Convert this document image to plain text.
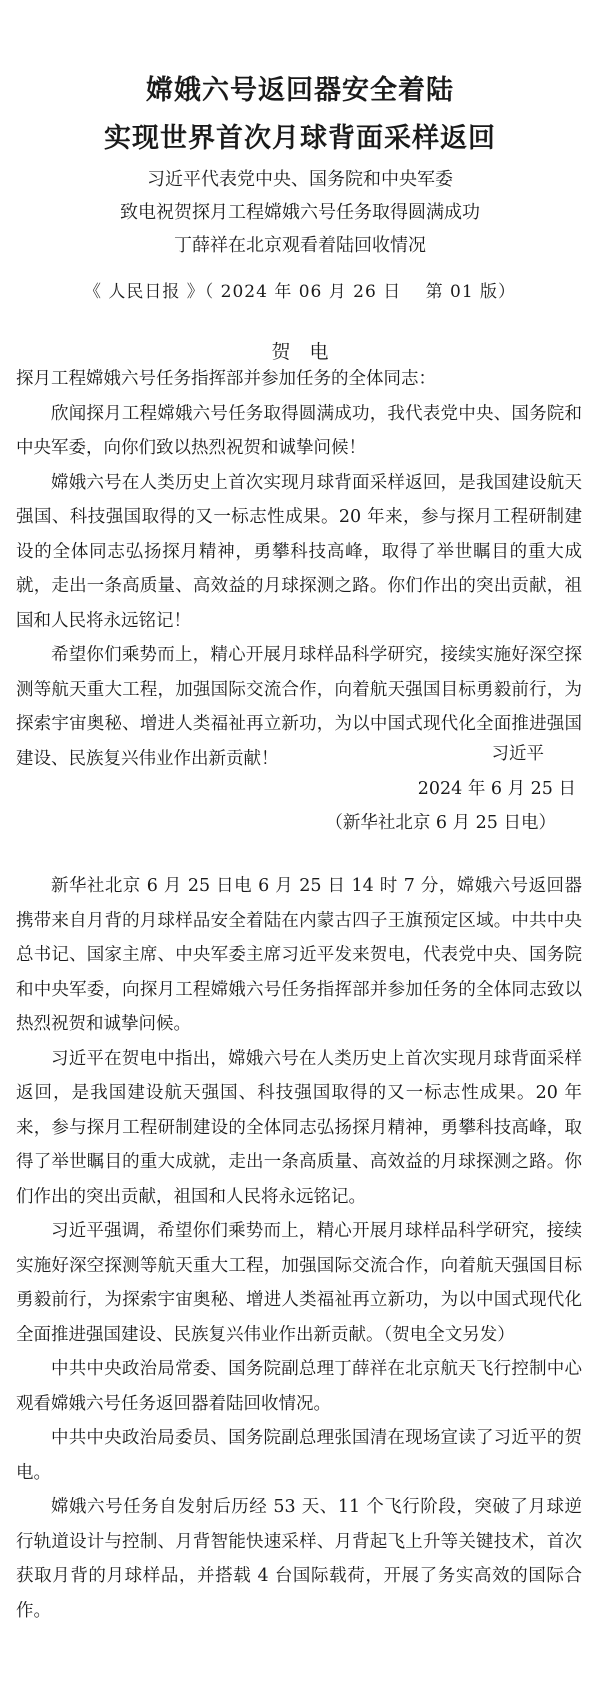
嫦娥六号返回器安全着陆
实现世界首次月球背面采样返回
习近平代表党中央、国务院和中央军委
致电祝贺探月工程嫦娥六号任务取得圆满成功
丁薛祥在北京观看着陆回收情况
《 人民日报 》（ 2024 年 06 月 26 日　 第 01 版）
贺　电

探月工程嫦娥六号任务指挥部并参加任务的全体同志：

欣闻探月工程嫦娥六号任务取得圆满成功，我代表党中央、国务院和中央军委，向你们致以热烈祝贺和诚挚问候！

嫦娥六号在人类历史上首次实现月球背面采样返回，是我国建设航天强国、科技强国取得的又一标志性成果。20 年来，参与探月工程研制建设的全体同志弘扬探月精神，勇攀科技高峰，取得了举世瞩目的重大成就，走出一条高质量、高效益的月球探测之路。你们作出的突出贡献，祖国和人民将永远铭记！

希望你们乘势而上，精心开展月球样品科学研究，接续实施好深空探测等航天重大工程，加强国际交流合作，向着航天强国目标勇毅前行，为探索宇宙奥秘、增进人类福祉再立新功，为以中国式现代化全面推进强国建设、民族复兴伟业作出新贡献！	习近平
2024 年 6 月 25 日
（新华社北京 6 月 25 日电）

新华社北京 6 月 25 日电 6 月 25 日 14 时 7 分，嫦娥六号返回器携带来自月背的月球样品安全着陆在内蒙古四子王旗预定区域。中共中央总书记、国家主席、中央军委主席习近平发来贺电，代表党中央、国务院和中央军委，向探月工程嫦娥六号任务指挥部并参加任务的全体同志致以热烈祝贺和诚挚问候。

习近平在贺电中指出，嫦娥六号在人类历史上首次实现月球背面采样返回，是我国建设航天强国、科技强国取得的又一标志性成果。20 年来，参与探月工程研制建设的全体同志弘扬探月精神，勇攀科技高峰，取得了举世瞩目的重大成就，走出一条高质量、高效益的月球探测之路。你们作出的突出贡献，祖国和人民将永远铭记。

习近平强调，希望你们乘势而上，精心开展月球样品科学研究，接续实施好深空探测等航天重大工程，加强国际交流合作，向着航天强国目标勇毅前行，为探索宇宙奥秘、增进人类福祉再立新功，为以中国式现代化全面推进强国建设、民族复兴伟业作出新贡献。（贺电全文另发）

中共中央政治局常委、国务院副总理丁薛祥在北京航天飞行控制中心观看嫦娥六号任务返回器着陆回收情况。

中共中央政治局委员、国务院副总理张国清在现场宣读了习近平的贺电。

嫦娥六号任务自发射后历经 53 天、11 个飞行阶段，突破了月球逆行轨道设计与控制、月背智能快速采样、月背起飞上升等关键技术，首次获取月背的月球样品，并搭载 4 台国际载荷，开展了务实高效的国际合作。
